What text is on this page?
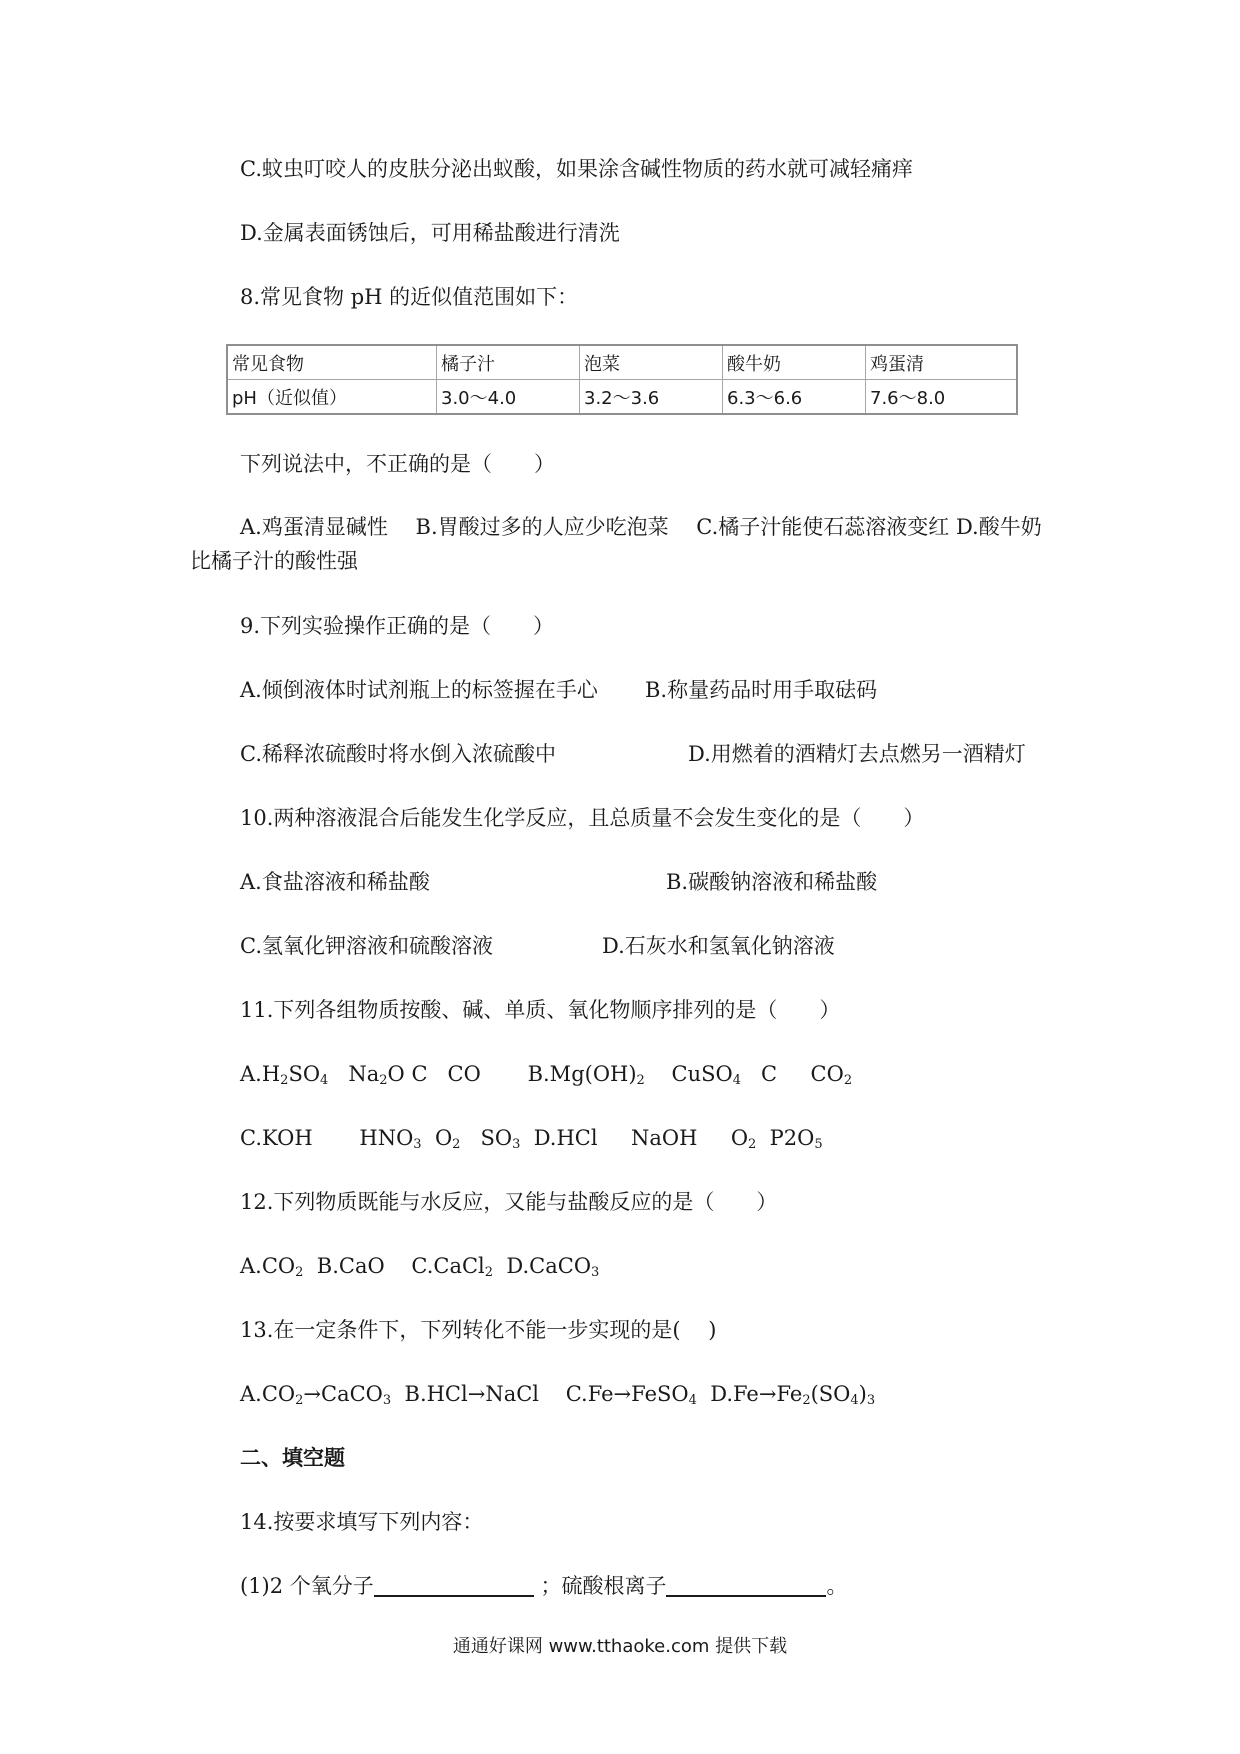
C.蚊虫叮咬人的皮肤分泌出蚁酸，如果涂含碱性物质的药水就可减轻痛痒
D.金属表面锈蚀后，可用稀盐酸进行清洗
8.常见食物 pH 的近似值范围如下：
常见食物	橘子汁	泡菜	酸牛奶	鸡蛋清
pH（近似值）	3.0～4.0	3.2～3.6	6.3～6.6	7.6～8.0
下列说法中，不正确的是（　　）
A.鸡蛋清显碱性　 B.胃酸过多的人应少吃泡菜　 C.橘子汁能使石蕊溶液变红 D.酸牛奶比橘子汁的酸性强
9.下列实验操作正确的是（　　）
A.倾倒液体时试剂瓶上的标签握在手心 B.称量药品时用手取砝码
C.稀释浓硫酸时将水倒入浓硫酸中	D.用燃着的酒精灯去点燃另一酒精灯
10.两种溶液混合后能发生化学反应，且总质量不会发生变化的是（　　）
A.食盐溶液和稀盐酸	B.碳酸钠溶液和稀盐酸
C.氢氧化钾溶液和硫酸溶液	D.石灰水和氢氧化钠溶液
11.下列各组物质按酸、碱、单质、氧化物顺序排列的是（　　）
$A.H_2SO_4$ $Na_2O$ C CO $B.Mg(OH)_2$ CuSO$_4$ C $CO_2$
C.KOH $HNO_3$ $O_2$ $SO_3$ D.HCl NaOH $O_2$ $P2O_5$
12.下列物质既能与水反应，又能与盐酸反应的是（　　）
$A.CO_2$ B.CaO C.CaCl$_2$ D.CaCO$_3$
13.在一定条件下，下列转化不能一步实现的是(　 )
$A.CO_2\to CaCO_3$ B.HCl→NaCl C.Fe→FeSO$_4$ $D.Fe\to Fe_2(SO_4)_3$
二、填空题
14.按要求填写下列内容：
(1)2 个氧分子	；硫酸根离子	。
通通好课网 www.tthaoke.com 提供下载
